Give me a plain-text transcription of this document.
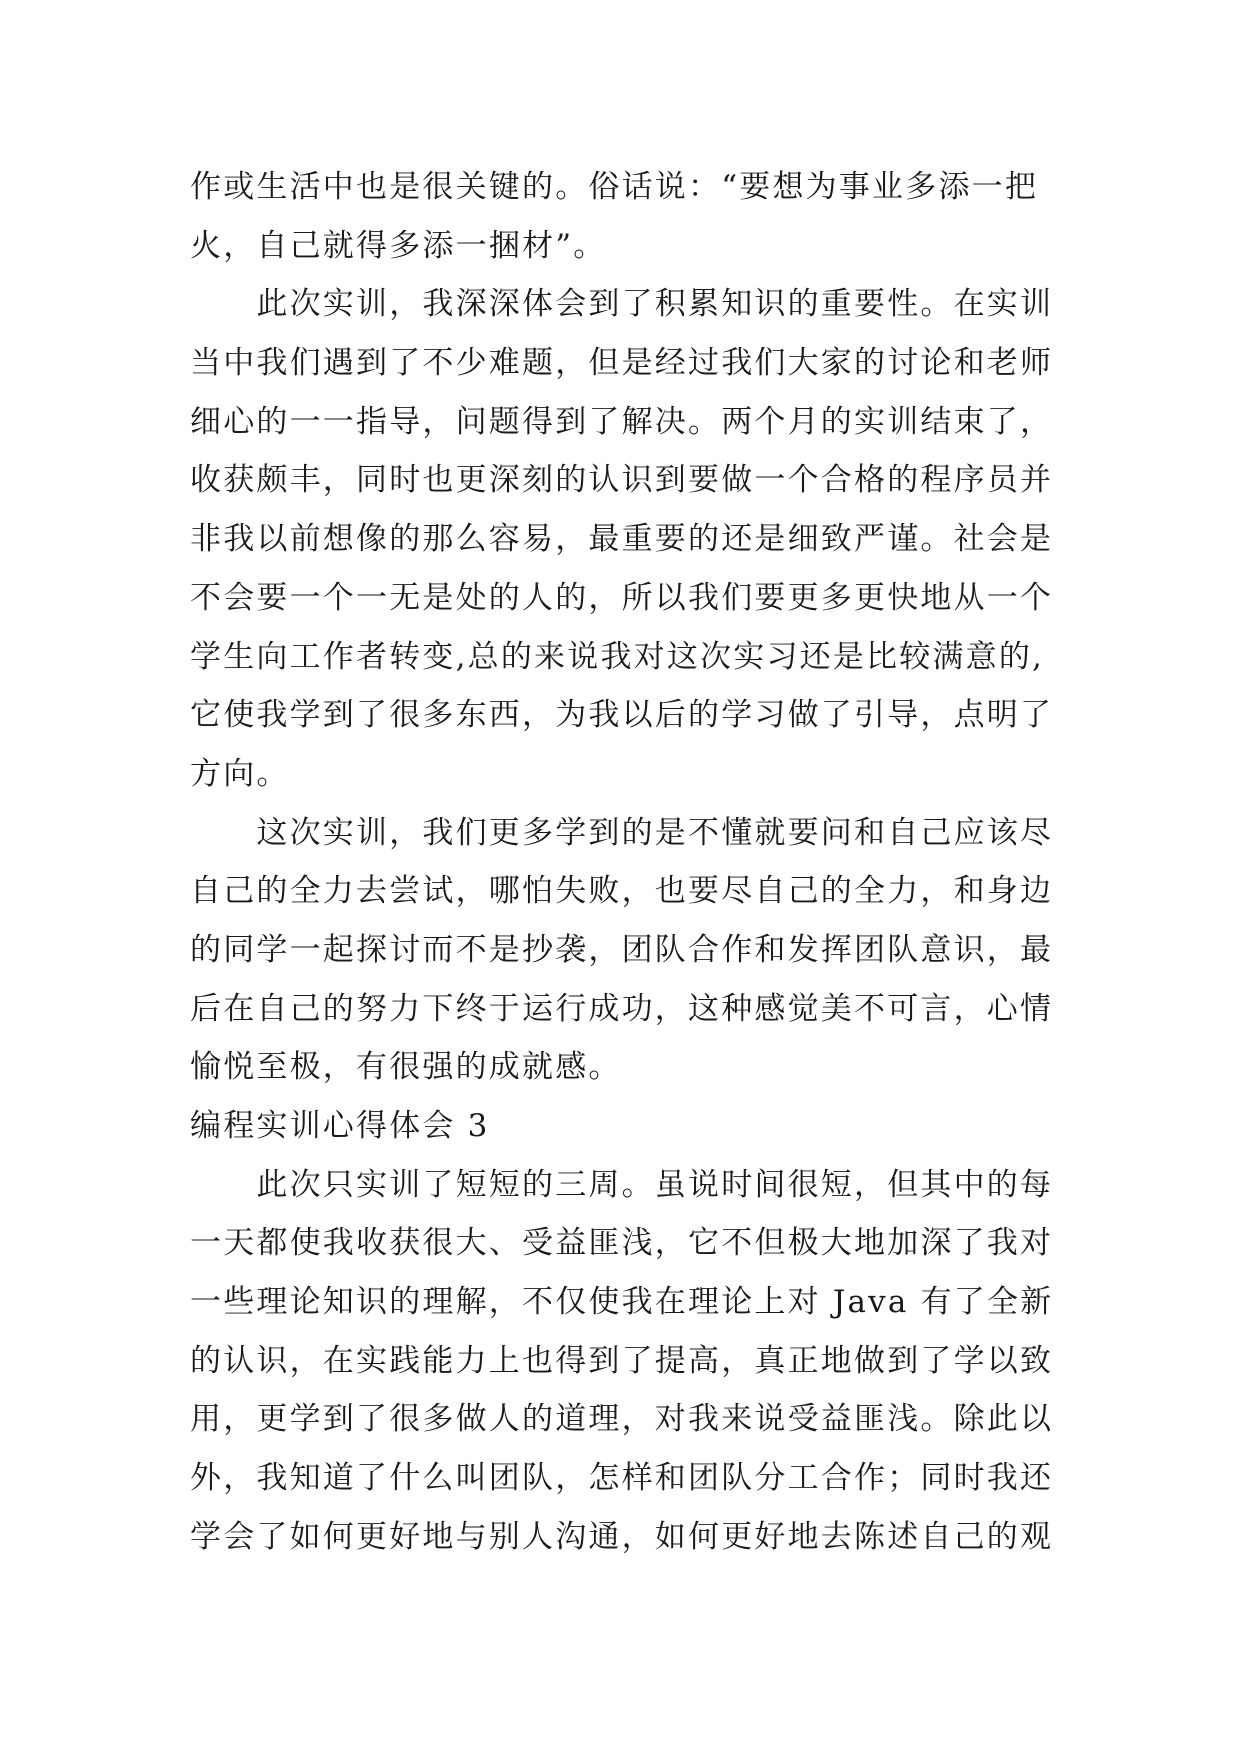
作或生活中也是很关键的。俗话说：“要想为事业多添一把
火，自己就得多添一捆材”。
　　此次实训，我深深体会到了积累知识的重要性。在实训
当中我们遇到了不少难题，但是经过我们大家的讨论和老师
细心的一一指导，问题得到了解决。两个月的实训结束了，
收获颇丰，同时也更深刻的认识到要做一个合格的程序员并
非我以前想像的那么容易，最重要的还是细致严谨。社会是
不会要一个一无是处的人的，所以我们要更多更快地从一个
学生向工作者转变,总的来说我对这次实习还是比较满意的,
它使我学到了很多东西，为我以后的学习做了引导，点明了
方向。
　　这次实训，我们更多学到的是不懂就要问和自己应该尽
自己的全力去尝试，哪怕失败，也要尽自己的全力，和身边
的同学一起探讨而不是抄袭，团队合作和发挥团队意识，最
后在自己的努力下终于运行成功，这种感觉美不可言，心情
愉悦至极，有很强的成就感。
编程实训心得体会 3
　　此次只实训了短短的三周。虽说时间很短，但其中的每
一天都使我收获很大、受益匪浅，它不但极大地加深了我对
一些理论知识的理解，不仅使我在理论上对 Java 有了全新
的认识，在实践能力上也得到了提高，真正地做到了学以致
用，更学到了很多做人的道理，对我来说受益匪浅。除此以
外，我知道了什么叫团队，怎样和团队分工合作；同时我还
学会了如何更好地与别人沟通，如何更好地去陈述自己的观
